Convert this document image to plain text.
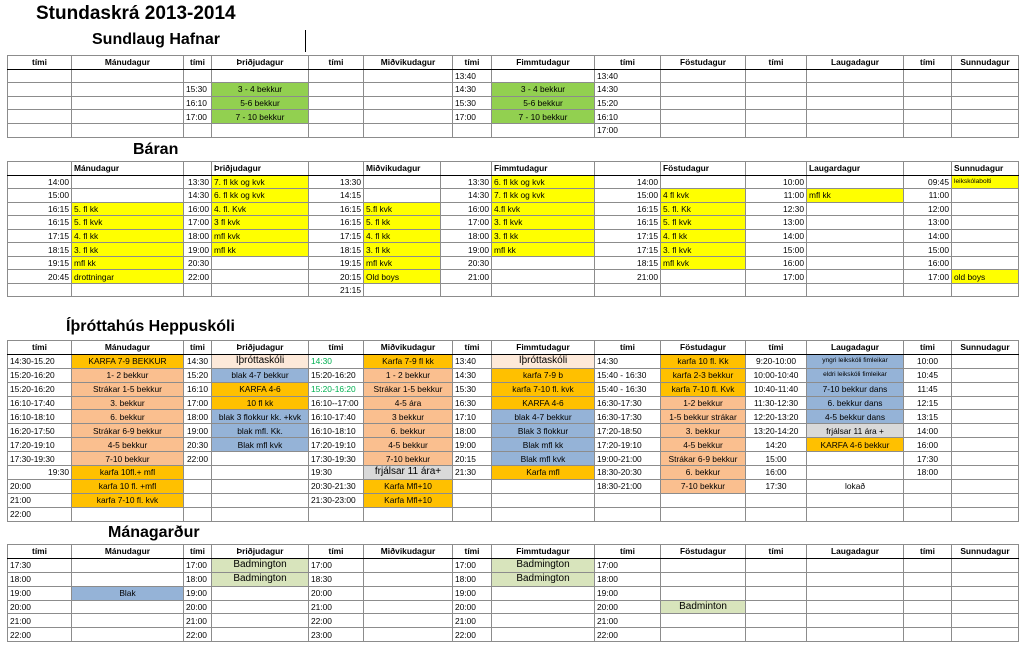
Stundaskrá 2013-2014
Sundlaug Hafnar
tími	Mánudagur	tími	Þriðjudagur	tími	Miðvikudagur	tími	Fimmtudagur	tími	Föstudagur	tími	Laugadagur	tími	Sunnudagur
						13:40		13:40					
		15:30	3 - 4 bekkur			14:30	3 - 4 bekkur	14:30					
		16:10	5-6 bekkur			15:30	5-6 bekkur	15:20					
		17:00	7 - 10 bekkur			17:00	7 - 10 bekkur	16:10					
								17:00					
Báran
	Mánudagur		Þriðjudagur		Miðvikudagur		Fimmtudagur		Föstudagur		Laugardagur		Sunnudagur
14:00		13:30	7. fl kk og kvk	13:30		13:30	6. fl kk og kvk	14:00		10:00		09:45	leikskólabolti
15:00		14:30	6. fl kk og kvk	14:15		14:30	7. fl kk og kvk	15:00	4 fl kvk	11:00	mfl kk	11:00	
16:15	5. fl kk	16:00	4. fl. Kvk	16:15	5.fl kvk	16:00	4.fl kvk	16:15	5. fl. Kk	12:30		12:00	
16:15	5. fl kvk	17:00	3 fl kvk	16:15	5. fl kk	17:00	3. fl kvk	16:15	5. fl kvk	13:00		13:00	
17:15	4. fl kk	18:00	mfl kvk	17:15	4. fl kk	18:00	3. fl kk	17:15	4. fl kk	14:00		14:00	
18:15	3. fl kk	19:00	mfl kk	18:15	3. fl kk	19:00	mfl kk	17:15	3. fl kvk	15:00		15:00	
19:15	mfl kk	20:30		19:15	mfl kvk	20:30		18:15	mfl kvk	16:00		16:00	
20:45	drottningar	22:00		20:15	Old boys	21:00		21:00		17:00		17:00	old boys
				21:15									
Íþróttahús Heppuskóli
tími	Mánudagur	tími	Þriðjudagur	tími	Miðvikudagur	tími	Fimmtudagur	tími	Föstudagur	tími	Laugadagur	tími	Sunnudagur
14:30-15.20	KARFA 7-9 BEKKUR	14:30	Íþróttaskóli	14:30	Karfa 7-9 fl kk	13:40	Íþróttaskóli	14:30	karfa 10 fl. Kk	9:20-10:00	yngri leikskóli fimleikar	10:00	
15:20-16:20	1- 2 bekkur	15:20	blak 4-7 bekkur	15:20-16:20	1 - 2 bekkur	14:30	karfa 7-9 b	15:40 - 16:30	karfa 2-3 bekkur	10:00-10:40	eldri leikskóli fimleikar	10:45	
15:20-16:20	Strákar 1-5 bekkur	16:10	KARFA 4-6	15:20-16:20	Strákar 1-5 bekkur	15:30	karfa 7-10 fl. kvk	15:40 - 16:30	karfa 7-10 fl. Kvk	10:40-11:40	7-10 bekkur dans	11:45	
16:10-17:40	3. bekkur	17:00	10 fl kk	16:10--17:00	4-5 ára	16:30	KARFA 4-6	16:30-17:30	1-2 bekkur	11:30-12:30	6. bekkur dans	12:15	
16:10-18:10	6. bekkur	18:00	blak 3 flokkur kk. +kvk	16:10-17:40	3 bekkur	17:10	blak 4-7 bekkur	16:30-17:30	1-5 bekkur strákar	12:20-13:20	4-5 bekkur dans	13:15	
16:20-17:50	Strákar 6-9 bekkur	19:00	blak mfl. Kk.	16:10-18:10	6. bekkur	18:00	Blak 3 flokkur	17:20-18:50	3. bekkur	13:20-14:20	frjálsar 11 ára +	14:00	
17:20-19:10	4-5 bekkur	20:30	Blak mfl kvk	17:20-19:10	4-5 bekkur	19:00	Blak mfl kk	17:20-19:10	4-5 bekkur	14:20	KARFA 4-6 bekkur	16:00	
17:30-19:30	7-10 bekkur	22:00		17:30-19:30	7-10 bekkur	20:15	Blak mfl kvk	19:00-21:00	Strákar 6-9 bekkur	15:00		17:30	
19:30	karfa 10fl.+ mfl			19:30	frjálsar 11 ára+	21:30	Karfa mfl	18:30-20:30	6. bekkur	16:00		18:00	
20:00	karfa 10 fl. +mfl			20:30-21:30	Karfa Mfl+10			18:30-21:00	7-10 bekkur	17:30	lokað		
21:00	karfa 7-10 fl. kvk			21:30-23:00	Karfa Mfl+10								
22:00													
Mánagarður
tími	Mánudagur	tími	Þriðjudagur	tími	Miðvikudagur	tími	Fimmtudagur	tími	Föstudagur	tími	Laugadagur	tími	Sunnudagur
17:30		17:00	Badmington	17:00		17:00	Badmington	17:00					
18:00		18:00	Badmington	18:30		18:00	Badmington	18:00					
19:00	Blak	19:00		20:00		19:00		19:00					
20:00		20:00		21:00		20:00		20:00	Badminton				
21:00		21:00		22:00		21:00		21:00					
22:00		22:00		23:00		22:00		22:00					
